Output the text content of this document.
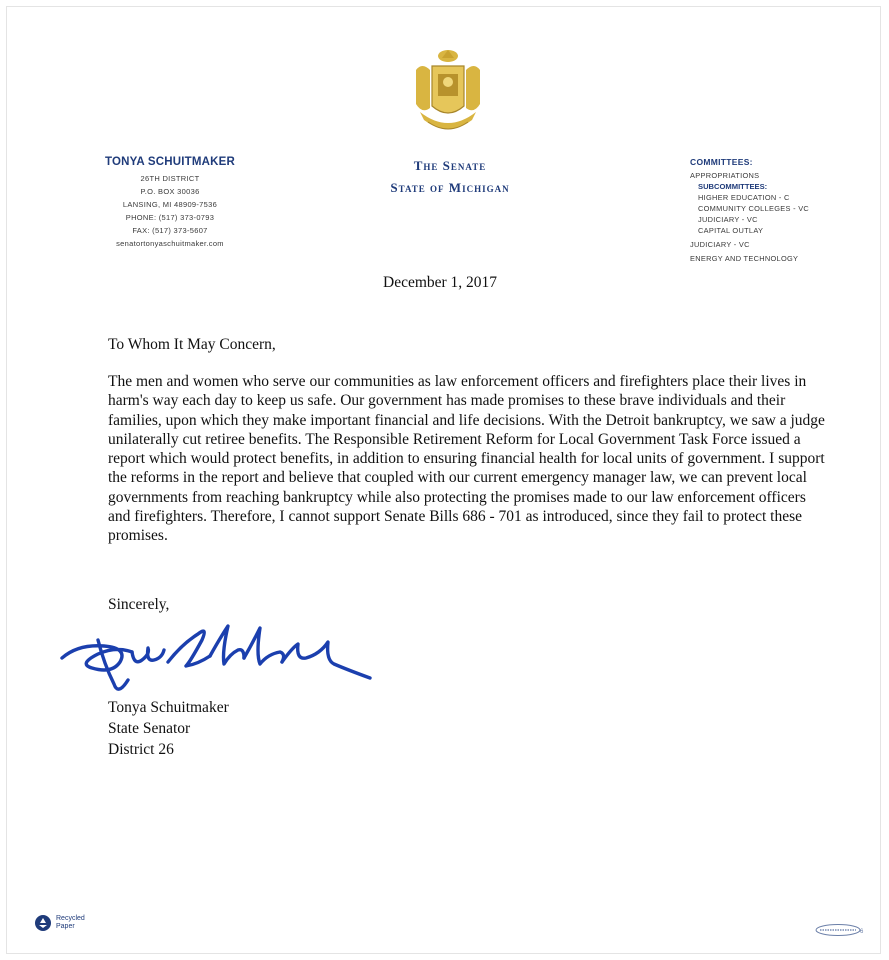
TONYA SCHUITMAKER
26TH DISTRICT
P.O. BOX 30036
LANSING, MI 48909-7536
PHONE: (517) 373-0793
FAX: (517) 373-5607
senatortonyaschuitmaker.com
The Senate
State of Michigan
COMMITTEES:
APPROPRIATIONS
SUBCOMMITTEES:
HIGHER EDUCATION - C
COMMUNITY COLLEGES - VC
JUDICIARY - VC
CAPITAL OUTLAY
JUDICIARY - VC
ENERGY AND TECHNOLOGY
December 1, 2017
To Whom It May Concern,
The men and women who serve our communities as law enforcement officers and firefighters place their lives in harm's way each day to keep us safe. Our government has made promises to these brave individuals and their families, upon which they make important financial and life decisions. With the Detroit bankruptcy, we saw a judge unilaterally cut retiree benefits. The Responsible Retirement Reform for Local Government Task Force issued a report which would protect benefits, in addition to ensuring financial health for local units of government. I support the reforms in the report and believe that coupled with our current emergency manager law, we can prevent local governments from reaching bankruptcy while also protecting the promises made to our law enforcement officers and firefighters. Therefore, I cannot support Senate Bills 686 - 701 as introduced, since they fail to protect these promises.
Sincerely,
Tonya Schuitmaker
State Senator
District 26
Recycled
Paper
6
